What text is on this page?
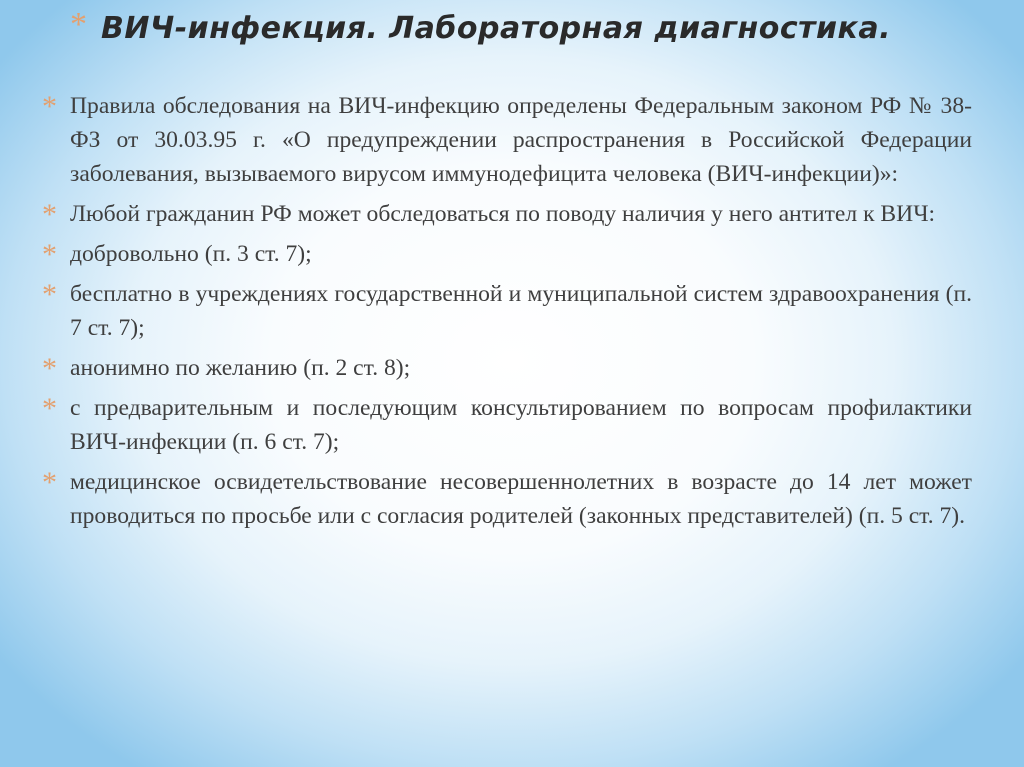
* ВИЧ-инфекция. Лабораторная диагностика.
* Правила обследования на ВИЧ-инфекцию определены Федеральным законом РФ № 38-ФЗ от 30.03.95 г. «О предупреждении распространения в Российской Федерации заболевания, вызываемого вирусом иммунодефицита человека (ВИЧ-инфекции)»:
* Любой гражданин РФ может обследоваться по поводу наличия у него антител к ВИЧ:
* добровольно (п. 3 ст. 7);
* бесплатно в учреждениях государственной и муниципальной систем здравоохранения (п. 7 ст. 7);
* анонимно по желанию (п. 2 ст. 8);
* с предварительным и последующим консультированием по вопросам профилактики ВИЧ-инфекции (п. 6 ст. 7);
* медицинское освидетельствование несовершеннолетних в возрасте до 14 лет может проводиться по просьбе или с согласия родителей (законных представителей) (п. 5 ст. 7).
